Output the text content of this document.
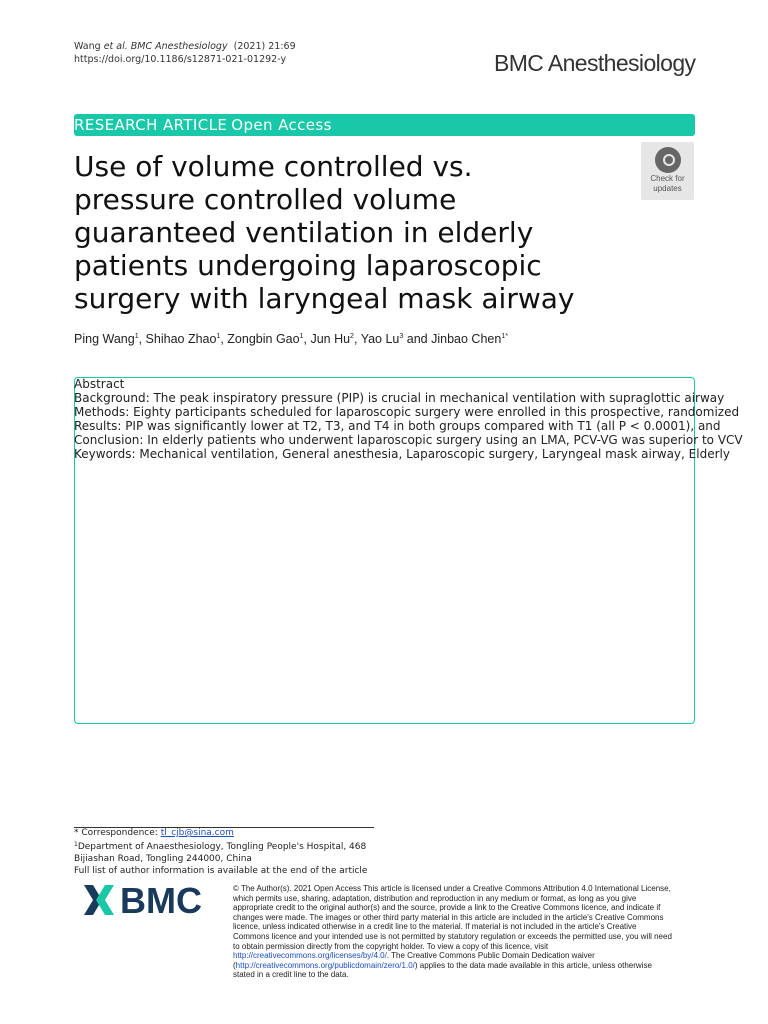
Wang et al. BMC Anesthesiology (2021) 21:69
https://doi.org/10.1186/s12871-021-01292-y	BMC Anesthesiology
RESEARCH ARTICLE Open Access
Use of volume controlled vs.
pressure controlled volume
guaranteed ventilation in elderly
patients undergoing laparoscopic
surgery with laryngeal mask airway
Check for
updates
Ping Wang$^1$, Shihao Zhao$^1$, Zongbin Gao$^1$, Jun Hu$^2$, Yao Lu$^3$ and Jinbao Chen$^{1*}$
Abstract
Background: The peak inspiratory pressure (PIP) is crucial in mechanical ventilation with supraglottic airway
Methods: Eighty participants scheduled for laparoscopic surgery were enrolled in this prospective, randomized
Results: PIP was significantly lower at T2, T3, and T4 in both groups compared with T1 (all P < 0.0001), and
Conclusion: In elderly patients who underwent laparoscopic surgery using an LMA, PCV-VG was superior to VCV
Keywords: Mechanical ventilation, General anesthesia, Laparoscopic surgery, Laryngeal mask airway, Elderly
* Correspondence: tl_cjb@sina.com
$^1$Department of Anaesthesiology, Tongling People's Hospital, 468
Bijiashan Road, Tongling 244000, China
Full list of author information is available at the end of the article
BMC	© The Author(s). 2021 Open Access This article is licensed under a Creative Commons Attribution 4.0 International License, which permits use, sharing, adaptation, distribution and reproduction in any medium or format, as long as you give appropriate credit to the original author(s) and the source, provide a link to the Creative Commons licence, and indicate if changes were made. The images or other third party material in this article are included in the article's Creative Commons licence, unless indicated otherwise in a credit line to the material. If material is not included in the article's Creative Commons licence and your intended use is not permitted by statutory regulation or exceeds the permitted use, you will need to obtain permission directly from the copyright holder. To view a copy of this licence, visit http://creativecommons.org/licenses/by/4.0/. The Creative Commons Public Domain Dedication waiver (http://creativecommons.org/publicdomain/zero/1.0/) applies to the data made available in this article, unless otherwise stated in a credit line to the data.
